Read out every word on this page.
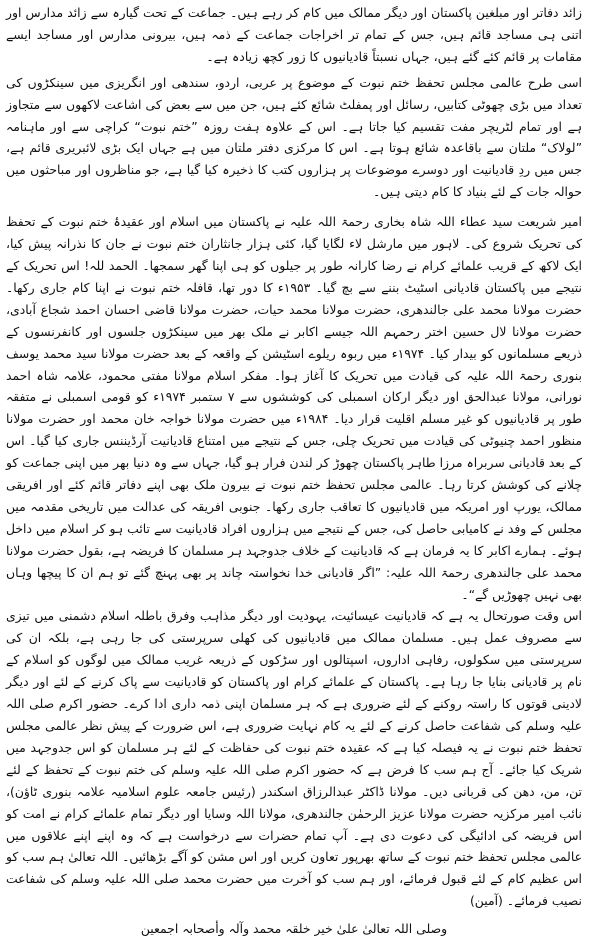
زائد دفاتر اور مبلغین پاکستان اور دیگر ممالک میں کام کر رہے ہیں۔ جماعت کے تحت گیارہ سے زائد مدارس اور اتنی ہی مساجد قائم ہیں، جس کے تمام تر اخراجات جماعت کے ذمہ ہیں، بیرونی مدارس اور مساجد ایسے مقامات پر قائم کئے گئے ہیں، جہاں نسبتاً قادیانیوں کا زور کچھ زیادہ ہے۔

اسی طرح عالمی مجلس تحفظ ختم نبوت کے موضوع پر عربی، اردو، سندھی اور انگریزی میں سینکڑوں کی تعداد میں بڑی چھوٹی کتابیں، رسائل اور پمفلٹ شائع کئے ہیں، جن میں سے بعض کی اشاعت لاکھوں سے متجاوز ہے اور تمام لٹریچر مفت تقسیم کیا جاتا ہے۔ اس کے علاوہ ہفت روزہ ”ختم نبوت“ کراچی سے اور ماہنامہ ”لولاک“ ملتان سے باقاعدہ شائع ہوتا ہے۔ اس کا مرکزی دفتر ملتان میں ہے جہاں ایک بڑی لائبریری قائم ہے، جس میں ردِ قادیانیت اور دوسرے موضوعات پر ہزاروں کتب کا ذخیرہ کیا گیا ہے، جو مناظروں اور مباحثوں میں حوالہ جات کے لئے بنیاد کا کام دیتی ہیں۔

امیر شریعت سید عطاء اللہ شاہ بخاری رحمۃ اللہ علیہ نے پاکستان میں اسلام اور عقیدۂ ختم نبوت کے تحفظ کی تحریک شروع کی۔ لاہور میں مارشل لاء لگایا گیا، کئی ہزار جانثاران ختم نبوت نے جان کا نذرانہ پیش کیا، ایک لاکھ کے قریب علمائے کرام نے رضا کارانہ طور پر جیلوں کو ہی اپنا گھر سمجھا۔ الحمد للہ! اس تحریک کے نتیجے میں پاکستان قادیانی اسٹیٹ بننے سے بچ گیا۔ ۱۹۵۳ء کا دور تھا، قافلہ ختم نبوت نے اپنا کام جاری رکھا۔ حضرت مولانا محمد علی جالندھری، حضرت مولانا محمد حیات، حضرت مولانا قاضی احسان احمد شجاع آبادی، حضرت مولانا لال حسین اختر رحمہم اللہ جیسے اکابر نے ملک بھر میں سینکڑوں جلسوں اور کانفرنسوں کے ذریعے مسلمانوں کو بیدار کیا۔ ۱۹۷۴ء میں ربوہ ریلوے اسٹیشن کے واقعہ کے بعد حضرت مولانا سید محمد یوسف بنوری رحمۃ اللہ علیہ کی قیادت میں تحریک کا آغاز ہوا۔ مفکر اسلام مولانا مفتی محمود، علامہ شاہ احمد نورانی، مولانا عبدالحق اور دیگر ارکان اسمبلی کی کوششوں سے ۷ ستمبر ۱۹۷۴ء کو قومی اسمبلی نے متفقہ طور پر قادیانیوں کو غیر مسلم اقلیت قرار دیا۔ ۱۹۸۴ء میں حضرت مولانا خواجہ خان محمد اور حضرت مولانا منظور احمد چنیوٹی کی قیادت میں تحریک چلی، جس کے نتیجے میں امتناع قادیانیت آرڈیننس جاری کیا گیا۔ اس کے بعد قادیانی سربراہ مرزا طاہر پاکستان چھوڑ کر لندن فرار ہو گیا، جہاں سے وہ دنیا بھر میں اپنی جماعت کو چلانے کی کوشش کرتا رہا۔ عالمی مجلس تحفظ ختم نبوت نے بیرون ملک بھی اپنے دفاتر قائم کئے اور افریقی ممالک، یورپ اور امریکہ میں قادیانیوں کا تعاقب جاری رکھا۔ جنوبی افریقہ کی عدالت میں تاریخی مقدمہ میں مجلس کے وفد نے کامیابی حاصل کی، جس کے نتیجے میں ہزاروں افراد قادیانیت سے تائب ہو کر اسلام میں داخل ہوئے۔ ہمارے اکابر کا یہ فرمان ہے کہ قادیانیت کے خلاف جدوجہد ہر مسلمان کا فریضہ ہے، بقول حضرت مولانا محمد علی جالندھری رحمۃ اللہ علیہ: ”اگر قادیانی خدا نخواستہ چاند پر بھی پہنچ گئے تو ہم ان کا پیچھا وہاں بھی نہیں چھوڑیں گے“۔

اس وقت صورتحال یہ ہے کہ قادیانیت عیسائیت، یہودیت اور دیگر مذاہب وفرق باطلہ اسلام دشمنی میں تیزی سے مصروف عمل ہیں۔ مسلمان ممالک میں قادیانیوں کی کھلی سرپرستی کی جا رہی ہے، بلکہ ان کی سرپرستی میں سکولوں، رفاہی اداروں، اسپتالوں اور سڑکوں کے ذریعہ غریب ممالک میں لوگوں کو اسلام کے نام پر قادیانی بنایا جا رہا ہے۔ پاکستان کے علمائے کرام اور پاکستان کو قادیانیت سے پاک کرنے کے لئے اور دیگر لادینی قوتوں کا راستہ روکنے کے لئے ضروری ہے کہ ہر مسلمان اپنی ذمہ داری ادا کرے۔ حضور اکرم صلی اللہ علیہ وسلم کی شفاعت حاصل کرنے کے لئے یہ کام نہایت ضروری ہے، اس ضرورت کے پیش نظر عالمی مجلس تحفظ ختم نبوت نے یہ فیصلہ کیا ہے کہ عقیدہ ختم نبوت کی حفاظت کے لئے ہر مسلمان کو اس جدوجہد میں شریک کیا جائے۔ آج ہم سب کا فرض ہے کہ حضور اکرم صلی اللہ علیہ وسلم کی ختم نبوت کے تحفظ کے لئے تن، من، دھن کی قربانی دیں۔ مولانا ڈاکٹر عبدالرزاق اسکندر (رئیس جامعہ علوم اسلامیہ علامہ بنوری ٹاؤن)، نائب امیر مرکزیہ حضرت مولانا عزیز الرحمٰن جالندھری، مولانا اللہ وسایا اور دیگر تمام علمائے کرام نے امت کو اس فریضہ کی ادائیگی کی دعوت دی ہے۔ آپ تمام حضرات سے درخواست ہے کہ وہ اپنے اپنے علاقوں میں عالمی مجلس تحفظ ختم نبوت کے ساتھ بھرپور تعاون کریں اور اس مشن کو آگے بڑھائیں۔ اللہ تعالیٰ ہم سب کو اس عظیم کام کے لئے قبول فرمائے، اور ہم سب کو آخرت میں حضرت محمد صلی اللہ علیہ وسلم کی شفاعت نصیب فرمائے۔ (آمین)

وصلی اللہ تعالیٰ علیٰ خیر خلقہ محمد وآلہ وأصحابہ اجمعین
